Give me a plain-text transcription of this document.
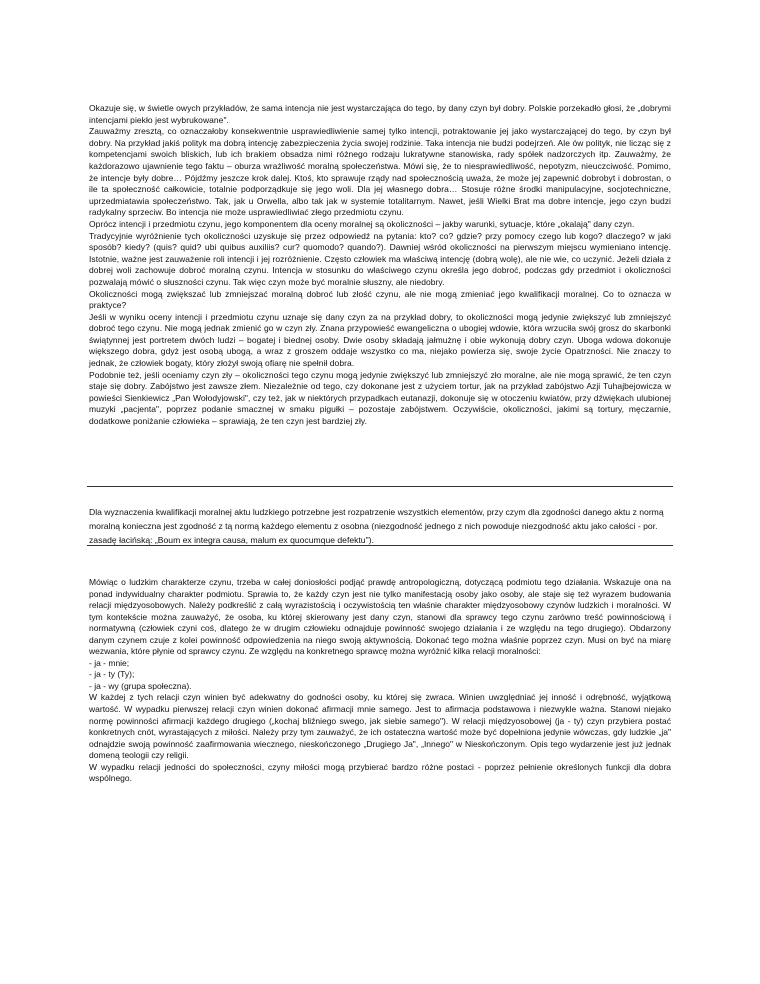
Okazuje się, w świetle owych przykładów, że sama intencja nie jest wystarczająca do tego, by dany czyn był dobry. Polskie porzekadło głosi, że „dobrymi intencjami piekło jest wybrukowane".

Zauważmy zresztą, co oznaczałoby konsekwentnie usprawiedliwienie samej tylko intencji, potraktowanie jej jako wystarczającej do tego, by czyn był dobry. Na przykład jakiś polityk ma dobrą intencję zabezpieczenia życia swojej rodzinie. Taka intencja nie budzi podejrzeń. Ale ów polityk, nie licząc się z kompetencjami swoich bliskich, lub ich brakiem obsadza nimi różnego rodzaju lukratywne stanowiska, rady spółek nadzorczych itp. Zauważmy, że każdorazowo ujawnienie tego faktu – oburza wrażliwość moralną społeczeństwa. Mówi się, że to niesprawiedliwość, nepotyzm, nieuczciwość. Pomimo, że intencje były dobre… Pójdźmy jeszcze krok dalej. Ktoś, kto sprawuje rządy nad społecznością uważa, że może jej zapewnić dobrobyt i dobrostan, o ile ta społeczność całkowicie, totalnie podporządkuje się jego woli. Dla jej własnego dobra… Stosuje różne środki manipulacyjne, socjotechniczne, uprzedmiatawia społeczeństwo. Tak, jak u Orwella, albo tak jak w systemie totalitarnym. Nawet, jeśli Wielki Brat ma dobre intencje, jego czyn budzi radykalny sprzeciw. Bo intencja nie może usprawiedliwiać złego przedmiotu czynu.

Oprócz intencji i przedmiotu czynu, jego komponentem dla oceny moralnej są okoliczności – jakby warunki, sytuacje, które „okalają" dany czyn.

Tradycyjnie wyróżnienie tych okoliczności uzyskuje się przez odpowiedź na pytania: kto? co? gdzie? przy pomocy czego lub kogo? dlaczego? w jaki sposób? kiedy? (quis? quid? ubi quibus auxiliis? cur? quomodo? quando?). Dawniej wśród okoliczności na pierwszym miejscu wymieniano intencję. Istotnie, ważne jest zauważenie roli intencji i jej rozróżnienie. Często człowiek ma właściwą intencję (dobrą wolę), ale nie wie, co uczynić. Jeżeli działa z dobrej woli zachowuje dobroć moralną czynu. Intencja w stosunku do właściwego czynu określa jego dobroć, podczas gdy przedmiot i okoliczności pozwalają mówić o słuszności czynu. Tak więc czyn może być moralnie słuszny, ale niedobry.

Okoliczności mogą zwiększać lub zmniejszać moralną dobroć lub złość czynu, ale nie mogą zmieniać jego kwalifikacji moralnej. Co to oznacza w praktyce?

Jeśli w wyniku oceny intencji i przedmiotu czynu uznaje się dany czyn za na przykład dobry, to okoliczności mogą jedynie zwiększyć lub zmniejszyć dobroć tego czynu. Nie mogą jednak zmienić go w czyn zły. Znana przypowieść ewangeliczna o ubogiej wdowie, która wrzuciła swój grosz do skarbonki świątynnej jest portretem dwóch ludzi – bogatej i biednej osoby. Dwie osoby składają jałmużnę i obie wykonują dobry czyn. Uboga wdowa dokonuje większego dobra, gdyż jest osobą ubogą, a wraz z groszem oddaje wszystko co ma, niejako powierza się, swoje życie Opatrzności. Nie znaczy to jednak, że człowiek bogaty, który złożył swoją ofiarę nie spełnił dobra.

Podobnie też, jeśli oceniamy czyn zły – okoliczności tego czynu mogą jedynie zwiększyć lub zmniejszyć zło moralne, ale nie mogą sprawić, że ten czyn staje się dobry. Zabójstwo jest zawsze złem. Niezależnie od tego, czy dokonane jest z użyciem tortur, jak na przykład zabójstwo Azji Tuhajbejowicza w powieści Sienkiewicz „Pan Wołodyjowski", czy też, jak w niektórych przypadkach eutanazji, dokonuje się w otoczeniu kwiatów, przy dźwiękach ulubionej muzyki „pacjenta", poprzez podanie smacznej w smaku pigułki – pozostaje zabójstwem. Oczywiście, okoliczności, jakimi są tortury, męczarnie, dodatkowe poniżanie człowieka – sprawiają, że ten czyn jest bardziej zły.

Dla wyznaczenia kwalifikacji moralnej aktu ludzkiego potrzebne jest rozpatrzenie wszystkich elementów, przy czym dla zgodności danego aktu z normą moralną konieczna jest zgodność z tą normą każdego elementu z osobna (niezgodność jednego z nich powoduje niezgodność aktu jako całości - por. zasadę łacińską: „Boum ex integra causa, malum ex quocumque defektu").

Mówiąc o ludzkim charakterze czynu, trzeba w całej doniosłości podjąć prawdę antropologiczną, dotyczącą podmiotu tego działania. Wskazuje ona na ponad indywidualny charakter podmiotu. Sprawia to, że każdy czyn jest nie tylko manifestacją osoby jako osoby, ale staje się też wyrazem budowania relacji międzyosobowych. Należy podkreślić z całą wyrazistością i oczywistością ten właśnie charakter międzyosobowy czynów ludzkich i moralności. W tym kontekście można zauważyć, że osoba, ku której skierowany jest dany czyn, stanowi dla sprawcy tego czynu zarówno treść powinnościową i normatywną (człowiek czyni coś, dlatego że w drugim człowieku odnajduje powinność swojego działania i ze względu na tego drugiego). Obdarzony danym czynem czuje z kolei powinność odpowiedzenia na niego swoją aktywnością. Dokonać tego można właśnie poprzez czyn. Musi on być na miarę wezwania, które płynie od sprawcy czynu. Ze względu na konkretnego sprawcę można wyróżnić kilka relacji moralności:

- ja - mnie;

- ja - ty (Ty);

- ja - wy (grupa społeczna).

W każdej z tych relacji czyn winien być adekwatny do godności osoby, ku której się zwraca. Winien uwzględniać jej inność i odrębność, wyjątkową wartość. W wypadku pierwszej relacji czyn winien dokonać afirmacji mnie samego. Jest to afirmacja podstawowa i niezwykle ważna. Stanowi niejako normę powinności afirmacji każdego drugiego („kochaj bliźniego swego, jak siebie samego"). W relacji międzyosobowej (ja - ty) czyn przybiera postać konkretnych cnót, wyrastających z miłości. Należy przy tym zauważyć, że ich ostateczna wartość może być dopełniona jedynie wówczas, gdy ludzkie „ja" odnajdzie swoją powinność zaafirmowania wiecznego, nieskończonego „Drugiego Ja", „Innego" w Nieskończonym. Opis tego wydarzenie jest już jednak domeną teologii czy religii.

W wypadku relacji jedności do społeczności, czyny miłości mogą przybierać bardzo różne postaci - poprzez pełnienie określonych funkcji dla dobra wspólnego.
